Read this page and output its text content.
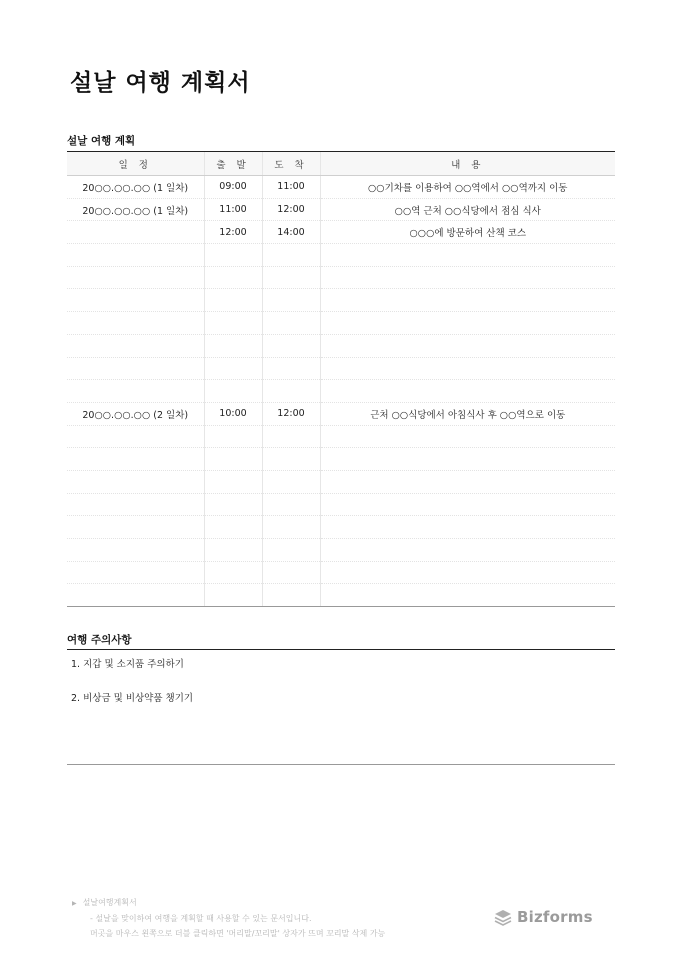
설날 여행 계획서
설날 여행 계획
일 정	출 발	도 착	내 용
20○○.○○.○○ (1 일차)	09:00	11:00	○○기차를 이용하여 ○○역에서 ○○역까지 이동
20○○.○○.○○ (1 일차)	11:00	12:00	○○역 근처 ○○식당에서 점심 식사
	12:00	14:00	○○○에 방문하여 산책 코스

20○○.○○.○○ (2 일차)	10:00	12:00	근처 ○○식당에서 아침식사 후 ○○역으로 이동

여행 주의사항
1. 지갑 및 소지품 주의하기
2. 비상금 및 비상약품 챙기기
▶ 설날여행계획서
- 설날을 맞이하여 여행을 계획할 때 사용할 수 있는 문서입니다.
머곳을 마우스 왼쪽으로 더블 클릭하면 '머리말/꼬리말' 상자가 뜨며 꼬리말 삭제 가능
Bizforms
